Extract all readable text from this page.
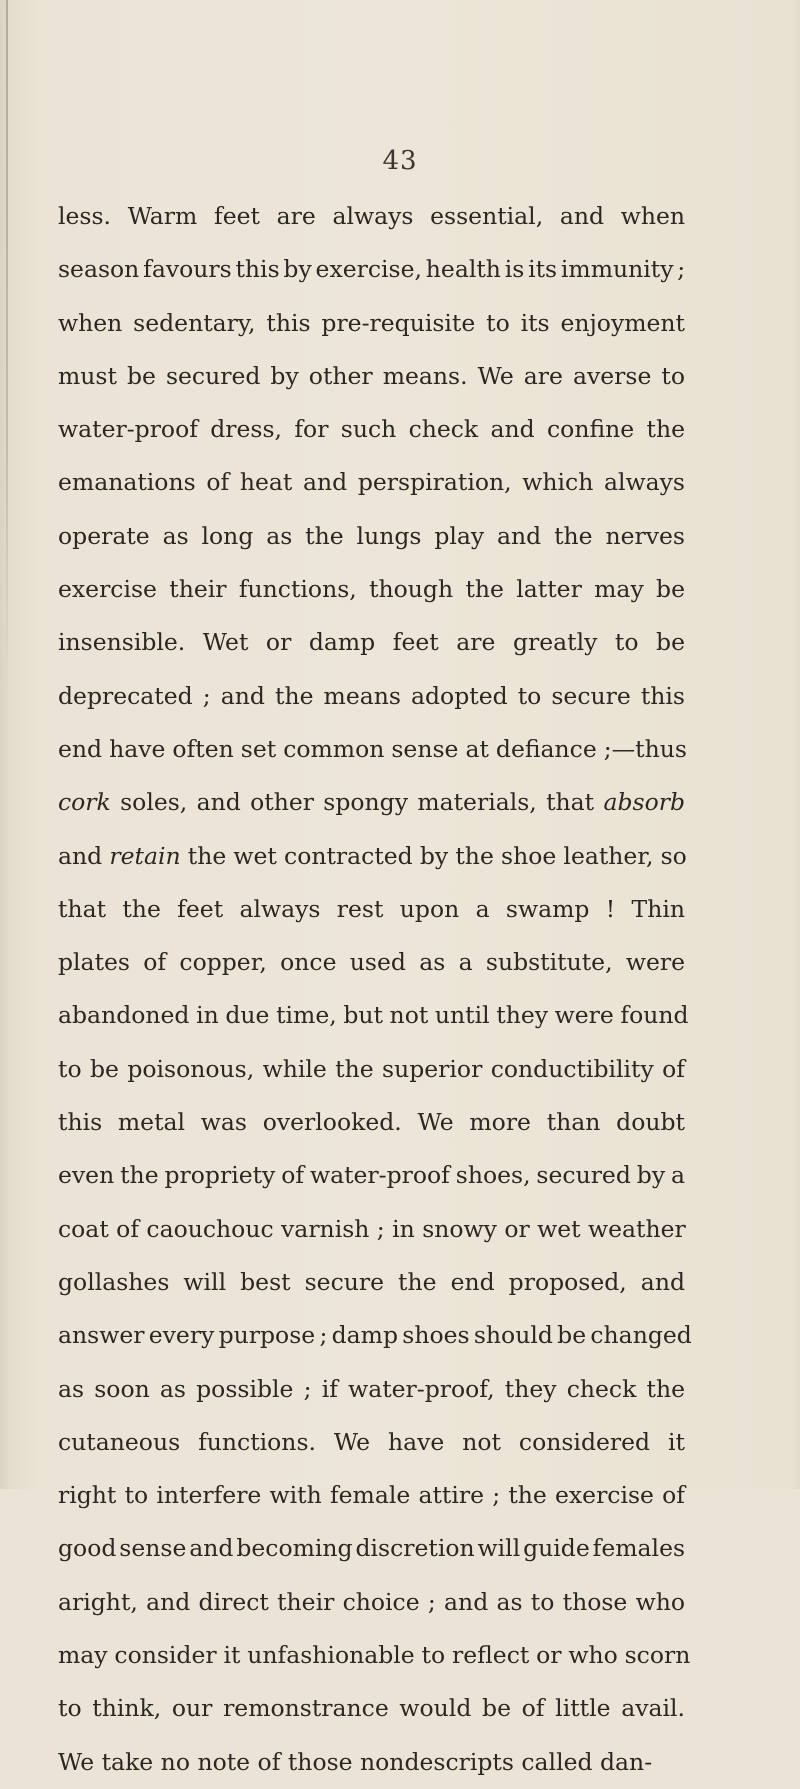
43
less. Warm feet are always essential, and when
season favours this by exercise, health is its immunity ;
when sedentary, this pre-requisite to its enjoyment
must be secured by other means. We are averse to
water-proof dress, for such check and confine the
emanations of heat and perspiration, which always
operate as long as the lungs play and the nerves
exercise their functions, though the latter may be
insensible. Wet or damp feet are greatly to be
deprecated ; and the means adopted to secure this
end have often set common sense at defiance ;—thus
cork soles, and other spongy materials, that absorb
and retain the wet contracted by the shoe leather, so
that the feet always rest upon a swamp ! Thin
plates of copper, once used as a substitute, were
abandoned in due time, but not until they were found
to be poisonous, while the superior conductibility of
this metal was overlooked. We more than doubt
even the propriety of water-proof shoes, secured by a
coat of caouchouc varnish ; in snowy or wet weather
gollashes will best secure the end proposed, and
answer every purpose ; damp shoes should be changed
as soon as possible ; if water-proof, they check the
cutaneous functions. We have not considered it
right to interfere with female attire ; the exercise of
good sense and becoming discretion will guide females
aright, and direct their choice ; and as to those who
may consider it unfashionable to reflect or who scorn
to think, our remonstrance would be of little avail.
We take no note of those nondescripts called dan-
